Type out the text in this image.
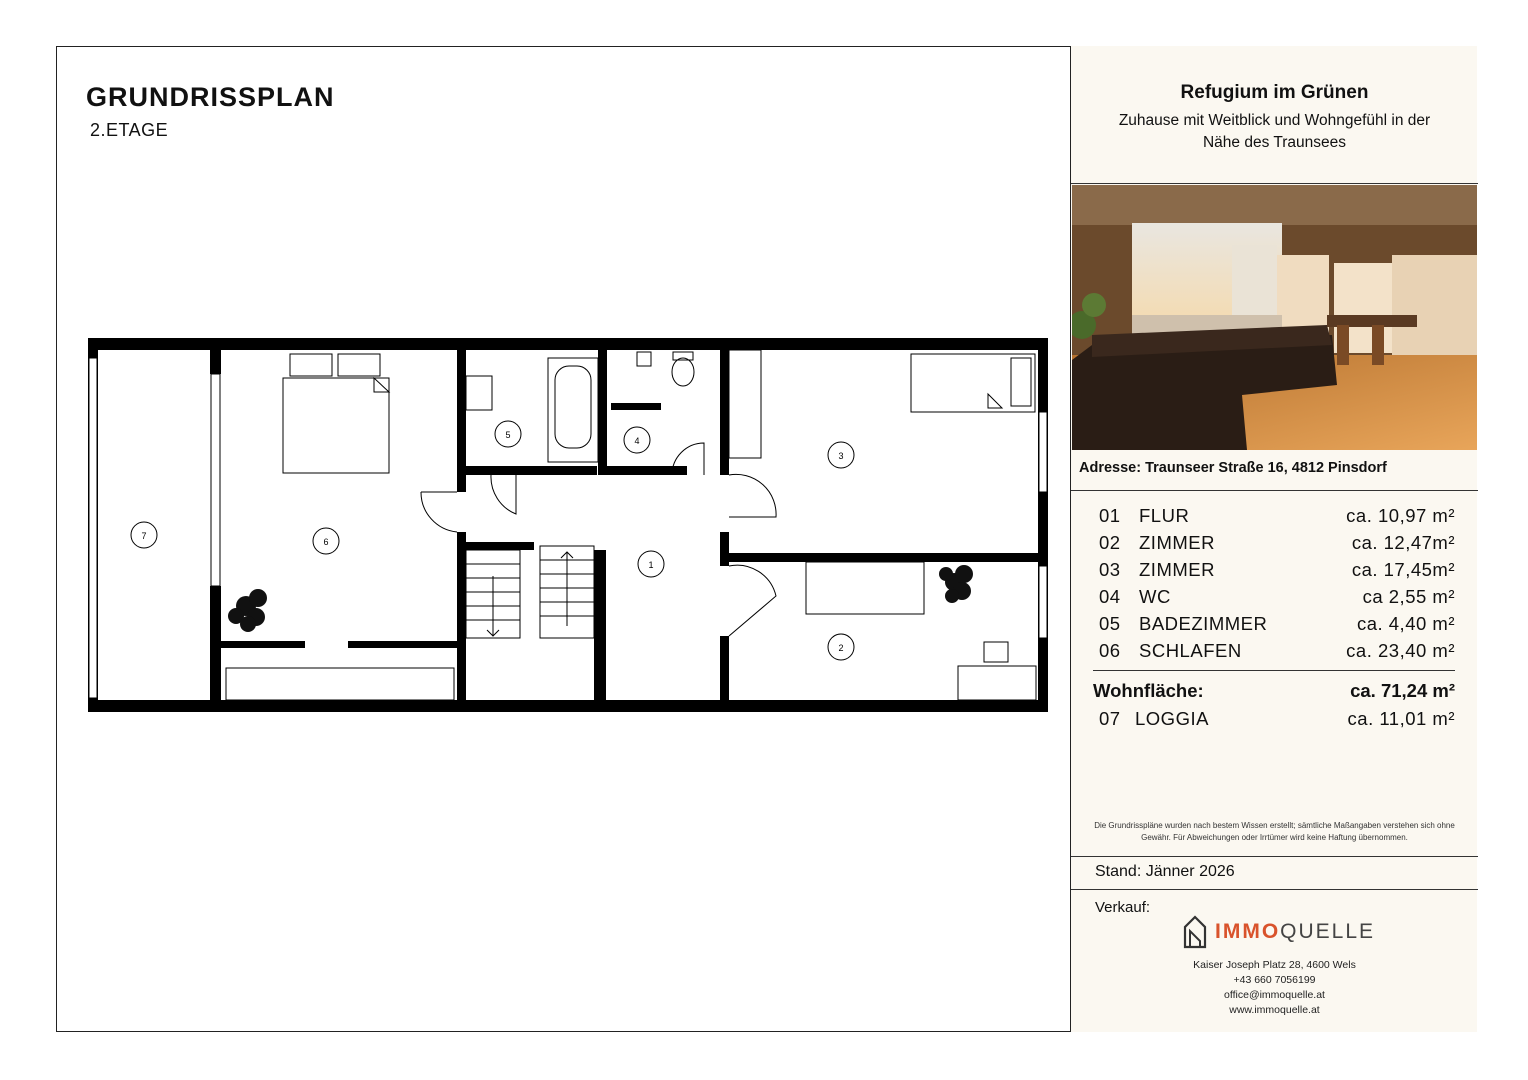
GRUNDRISSPLAN
2.ETAGE
1
2
3
4
5
6
7
Refugium im Grünen
Zuhause mit Weitblick und Wohngefühl in der Nähe des Traunsees
Adresse: Traunseer Straße 16, 4812 Pinsdorf
01 FLUR	ca. 10,97 m²
02 ZIMMER	ca. 12,47m²
03 ZIMMER	ca. 17,45m²
04 WC	ca 2,55 m²
05 BADEZIMMER	ca. 4,40 m²
06 SCHLAFEN	ca. 23,40 m²
Wohnfläche:	ca. 71,24 m²
07 LOGGIA	ca. 11,01 m²
Die Grundrisspläne wurden nach bestem Wissen erstellt; sämtliche Maßangaben verstehen sich ohne Gewähr. Für Abweichungen oder Irrtümer wird keine Haftung übernommen.
Stand: Jänner 2026
Verkauf:
IMMOQUELLE
Kaiser Joseph Platz 28, 4600 Wels
+43 660 7056199
office@immoquelle.at
www.immoquelle.at
